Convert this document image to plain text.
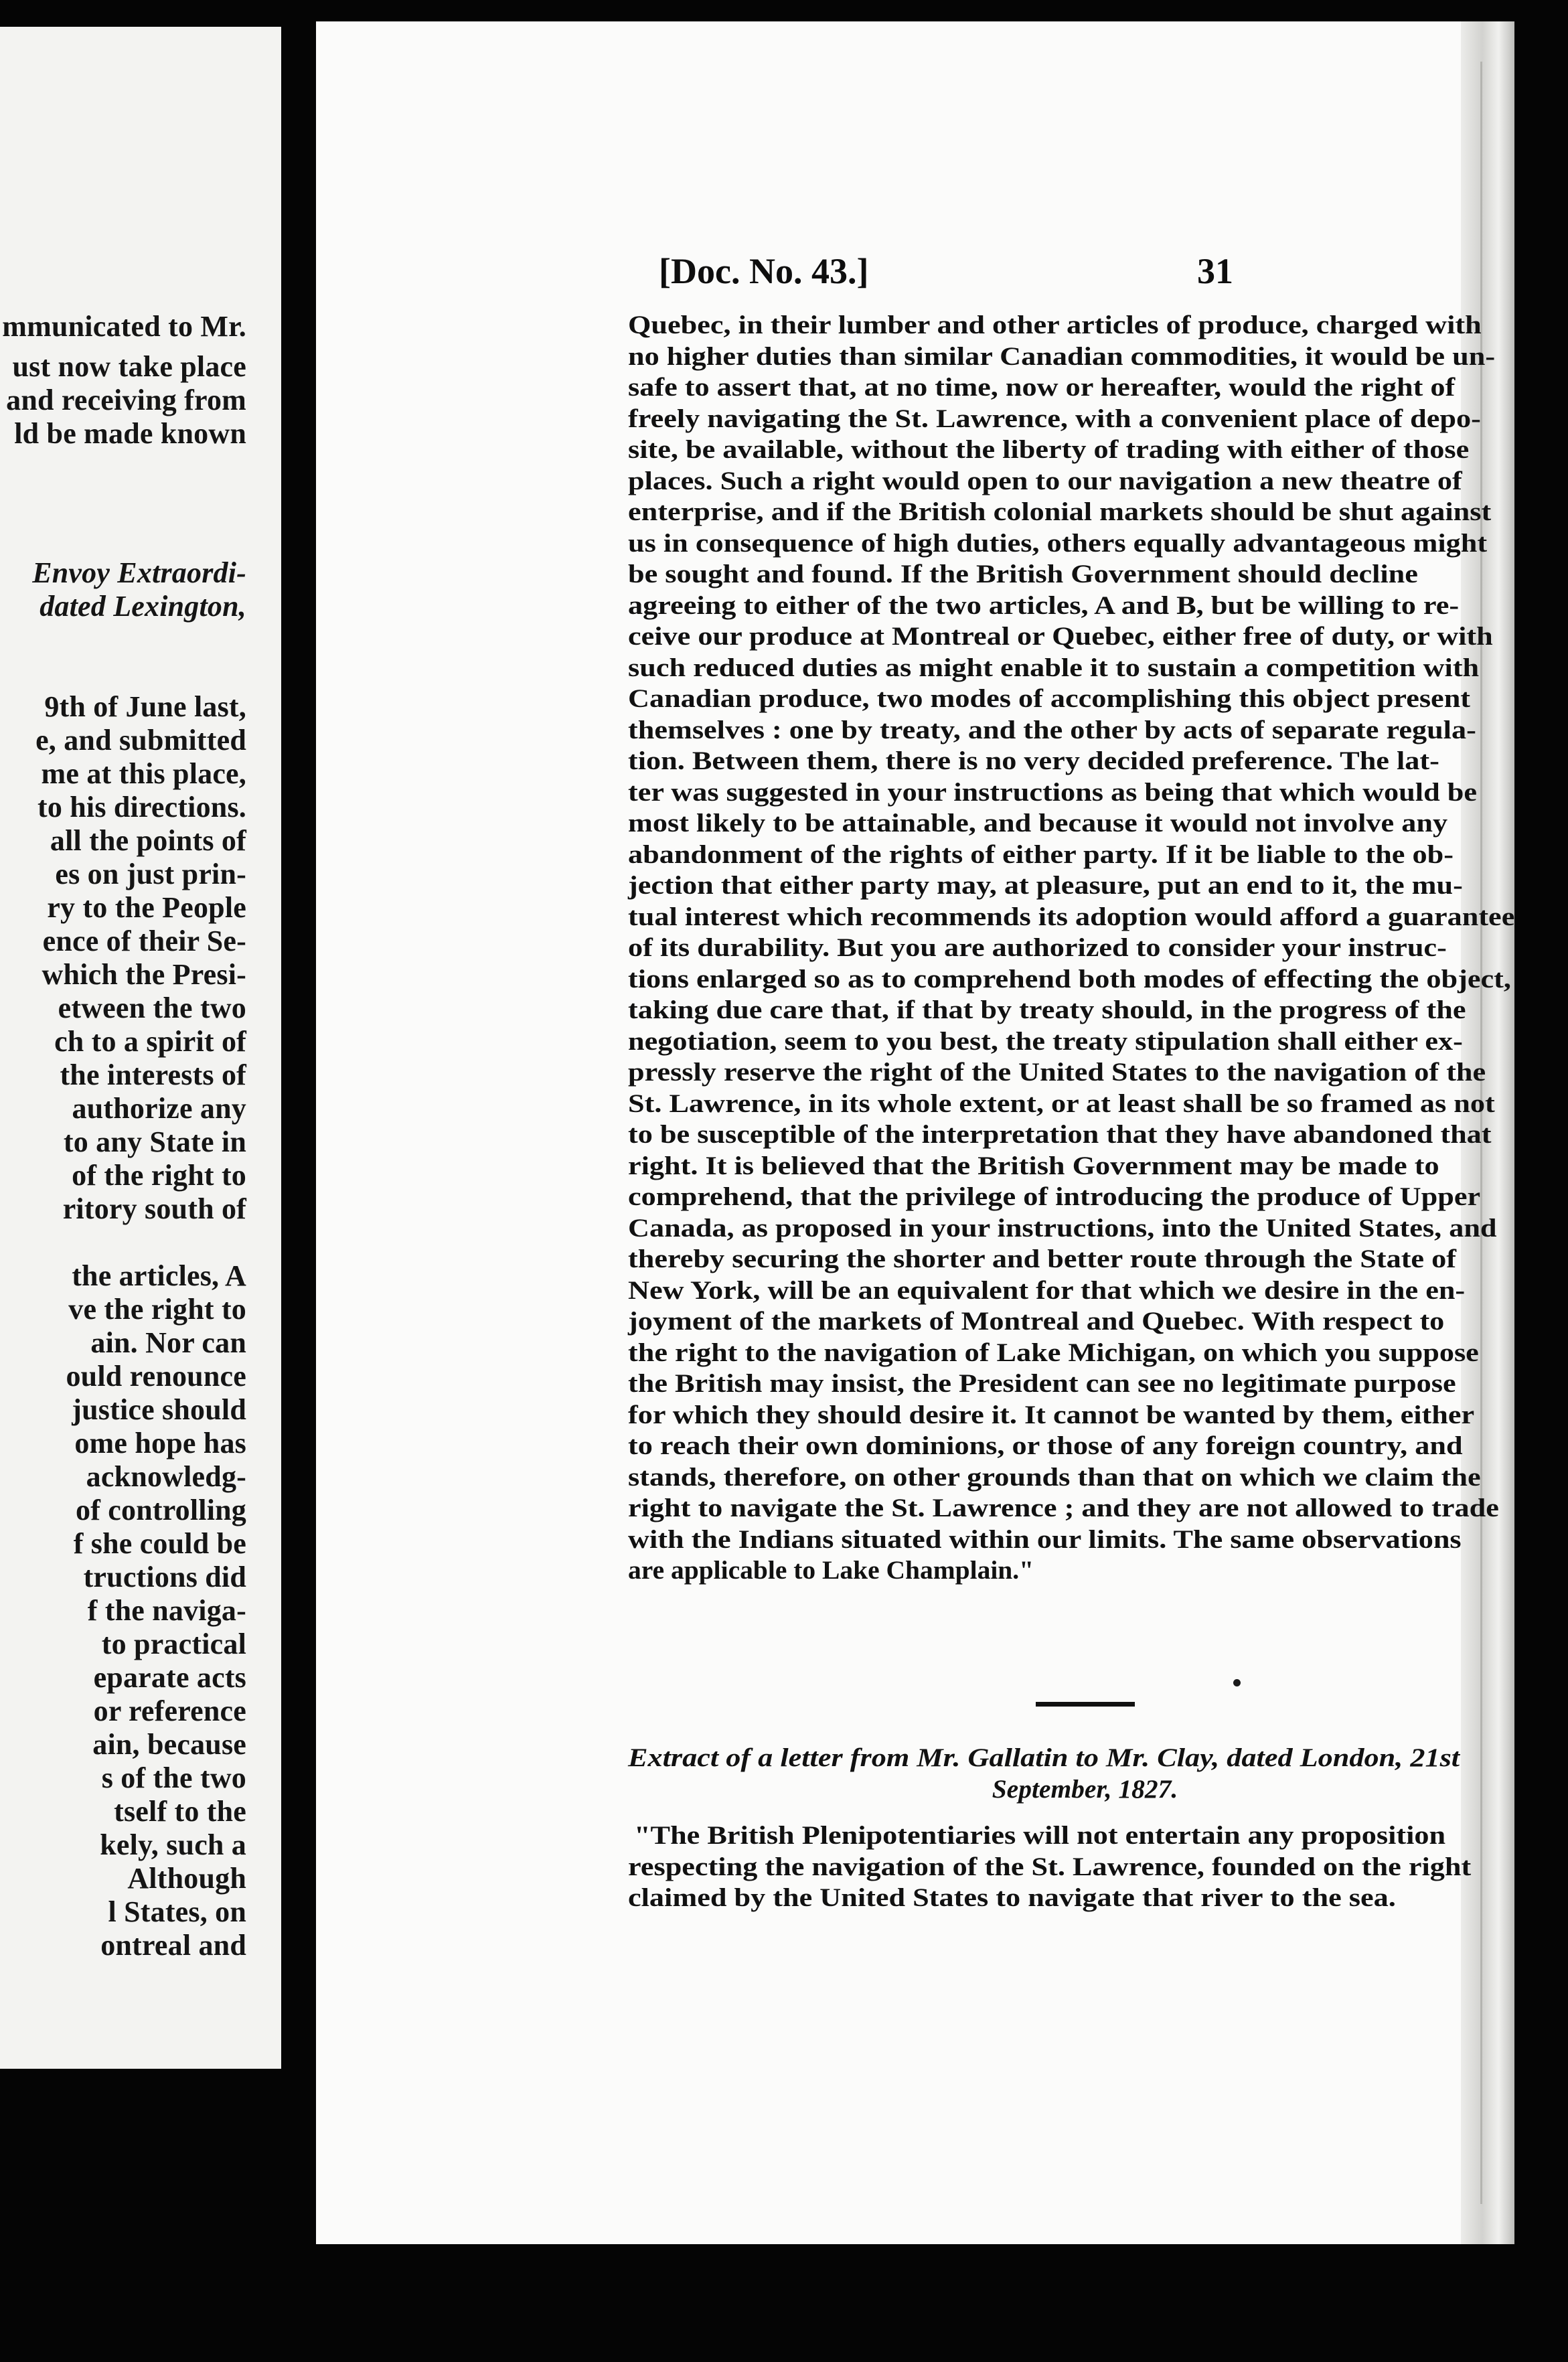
mmunicated to Mr.
ust now take place
and receiving from
ld be made known
Envoy Extraordi-
dated Lexington,
9th of June last,
e, and submitted
me at this place,
to his directions.
all the points of
es on just prin-
ry to the People
ence of their Se-
which the Presi-
etween the two
ch to a spirit of
the interests of
authorize any
to any State in
of the right to
ritory south of
the articles, A
ve the right to
ain. Nor can
ould renounce
justice should
ome hope has
acknowledg-
of controlling
f she could be
tructions did
f the naviga-
to practical
eparate acts
or reference
ain, because
s of the two
tself to the
kely, such a
Although
l States, on
ontreal and
[Doc. No. 43.]	31
Quebec, in their lumber and other articles of produce, charged with
no higher duties than similar Canadian commodities, it would be un-
safe to assert that, at no time, now or hereafter, would the right of
freely navigating the St. Lawrence, with a convenient place of depo-
site, be available, without the liberty of trading with either of those
places. Such a right would open to our navigation a new theatre of
enterprise, and if the British colonial markets should be shut against
us in consequence of high duties, others equally advantageous might
be sought and found. If the British Government should decline
agreeing to either of the two articles, A and B, but be willing to re-
ceive our produce at Montreal or Quebec, either free of duty, or with
such reduced duties as might enable it to sustain a competition with
Canadian produce, two modes of accomplishing this object present
themselves : one by treaty, and the other by acts of separate regula-
tion. Between them, there is no very decided preference. The lat-
ter was suggested in your instructions as being that which would be
most likely to be attainable, and because it would not involve any
abandonment of the rights of either party. If it be liable to the ob-
jection that either party may, at pleasure, put an end to it, the mu-
tual interest which recommends its adoption would afford a guarantee
of its durability. But you are authorized to consider your instruc-
tions enlarged so as to comprehend both modes of effecting the object,
taking due care that, if that by treaty should, in the progress of the
negotiation, seem to you best, the treaty stipulation shall either ex-
pressly reserve the right of the United States to the navigation of the
St. Lawrence, in its whole extent, or at least shall be so framed as not
to be susceptible of the interpretation that they have abandoned that
right. It is believed that the British Government may be made to
comprehend, that the privilege of introducing the produce of Upper
Canada, as proposed in your instructions, into the United States, and
thereby securing the shorter and better route through the State of
New York, will be an equivalent for that which we desire in the en-
joyment of the markets of Montreal and Quebec. With respect to
the right to the navigation of Lake Michigan, on which you suppose
the British may insist, the President can see no legitimate purpose
for which they should desire it. It cannot be wanted by them, either
to reach their own dominions, or those of any foreign country, and
stands, therefore, on other grounds than that on which we claim the
right to navigate the St. Lawrence ; and they are not allowed to trade
with the Indians situated within our limits. The same observations
are applicable to Lake Champlain."
Extract of a letter from Mr. Gallatin to Mr. Clay, dated London, 21st
September, 1827.
"The British Plenipotentiaries will not entertain any proposition
respecting the navigation of the St. Lawrence, founded on the right
claimed by the United States to navigate that river to the sea.
